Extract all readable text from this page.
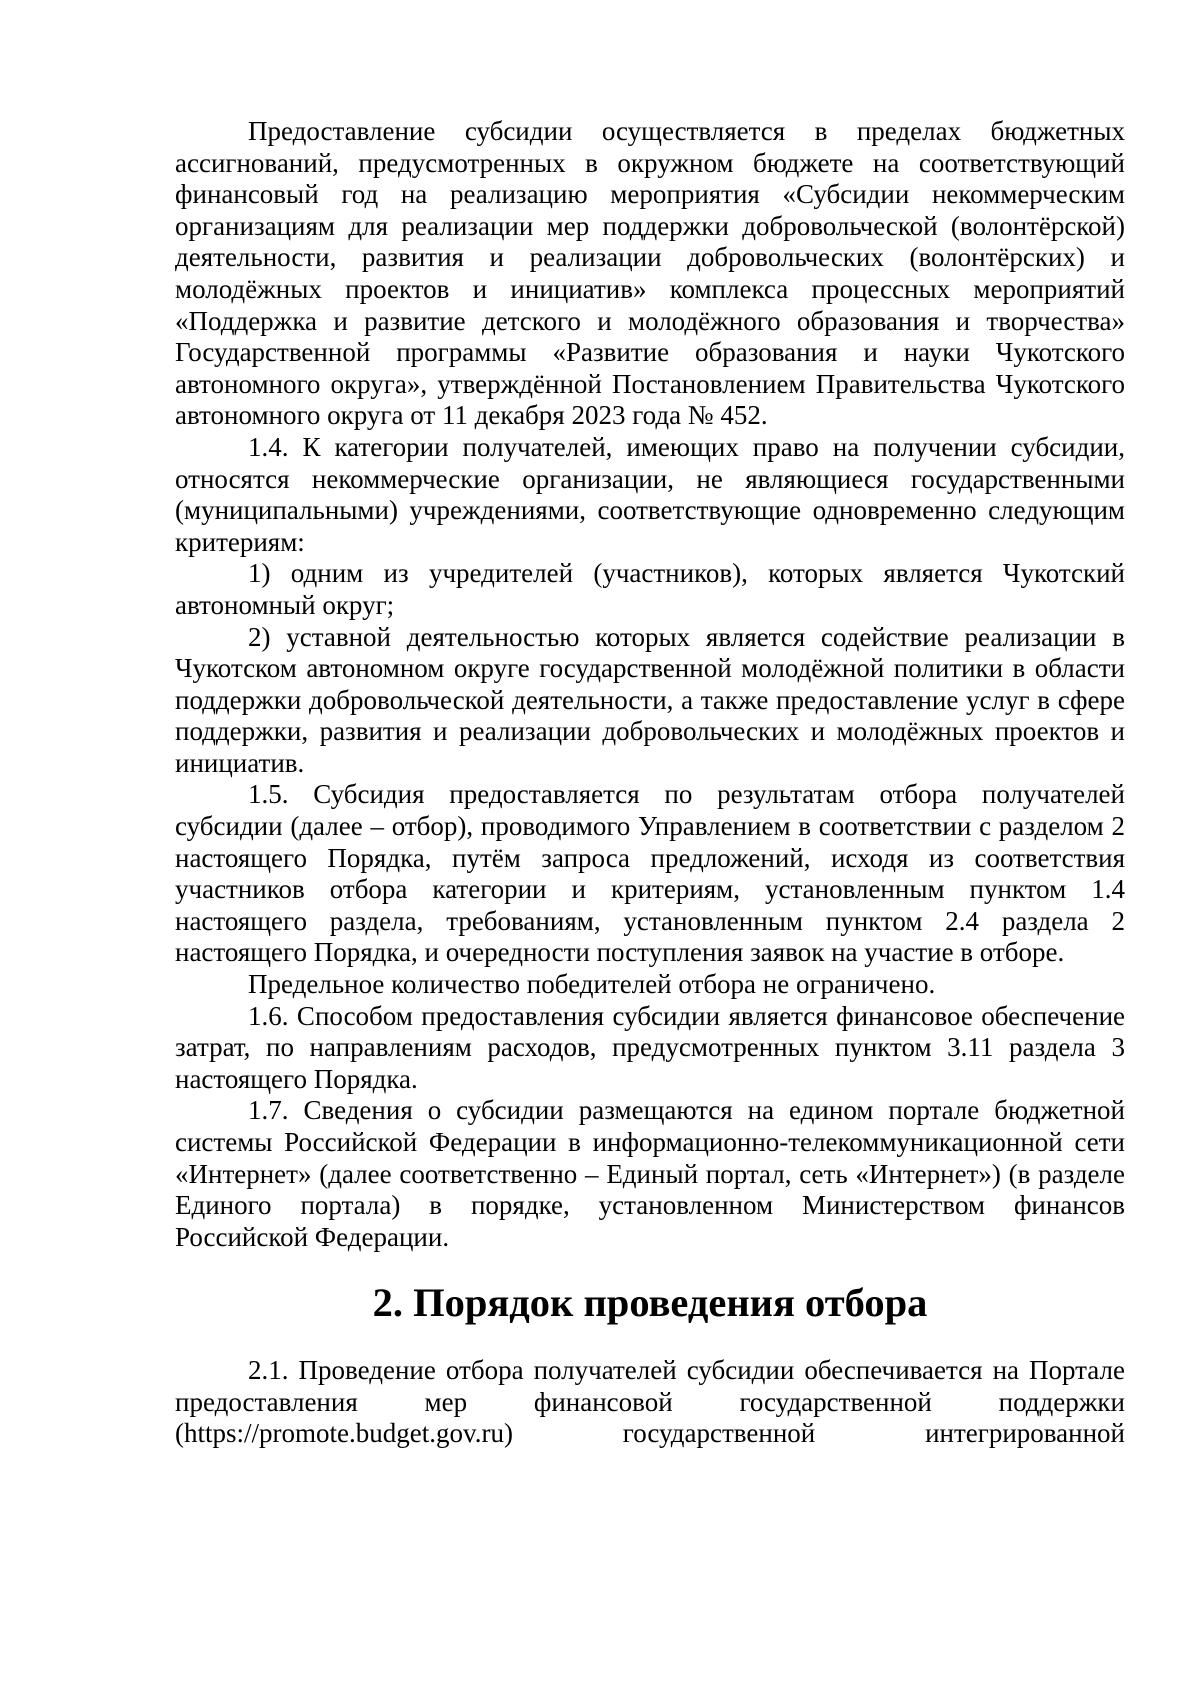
Предоставление субсидии осуществляется в пределах бюджетных ассигнований, предусмотренных в окружном бюджете на соответствующий финансовый год на реализацию мероприятия «Субсидии некоммерческим организациям для реализации мер поддержки добровольческой (волонтёрской) деятельности, развития и реализации добровольческих (волонтёрских) и молодёжных проектов и инициатив» комплекса процессных мероприятий «Поддержка и развитие детского и молодёжного образования и творчества» Государственной программы «Развитие образования и науки Чукотского автономного округа», утверждённой Постановлением Правительства Чукотского автономного округа от 11 декабря 2023 года № 452.

1.4. К категории получателей, имеющих право на получении субсидии, относятся некоммерческие организации, не являющиеся государственными (муниципальными) учреждениями, соответствующие одновременно следующим критериям:

1) одним из учредителей (участников), которых является Чукотский автономный округ;

2) уставной деятельностью которых является содействие реализации в Чукотском автономном округе государственной молодёжной политики в области поддержки добровольческой деятельности, а также предоставление услуг в сфере поддержки, развития и реализации добровольческих и молодёжных проектов и инициатив.

1.5. Субсидия предоставляется по результатам отбора получателей субсидии (далее – отбор), проводимого Управлением в соответствии с разделом 2 настоящего Порядка, путём запроса предложений, исходя из соответствия участников отбора категории и критериям, установленным пунктом 1.4 настоящего раздела, требованиям, установленным пунктом 2.4 раздела 2 настоящего Порядка, и очередности поступления заявок на участие в отборе.

Предельное количество победителей отбора не ограничено.

1.6. Способом предоставления субсидии является финансовое обеспечение затрат, по направлениям расходов, предусмотренных пунктом 3.11 раздела 3 настоящего Порядка.

1.7. Сведения о субсидии размещаются на едином портале бюджетной системы Российской Федерации в информационно-телекоммуникационной сети «Интернет» (далее соответственно – Единый портал, сеть «Интернет») (в разделе Единого портала) в порядке, установленном Министерством финансов Российской Федерации.

2. Порядок проведения отбора

2.1. Проведение отбора получателей субсидии обеспечивается на Портале предоставления мер финансовой государственной поддержки (https://promote.budget.gov.ru) государственной интегрированной
